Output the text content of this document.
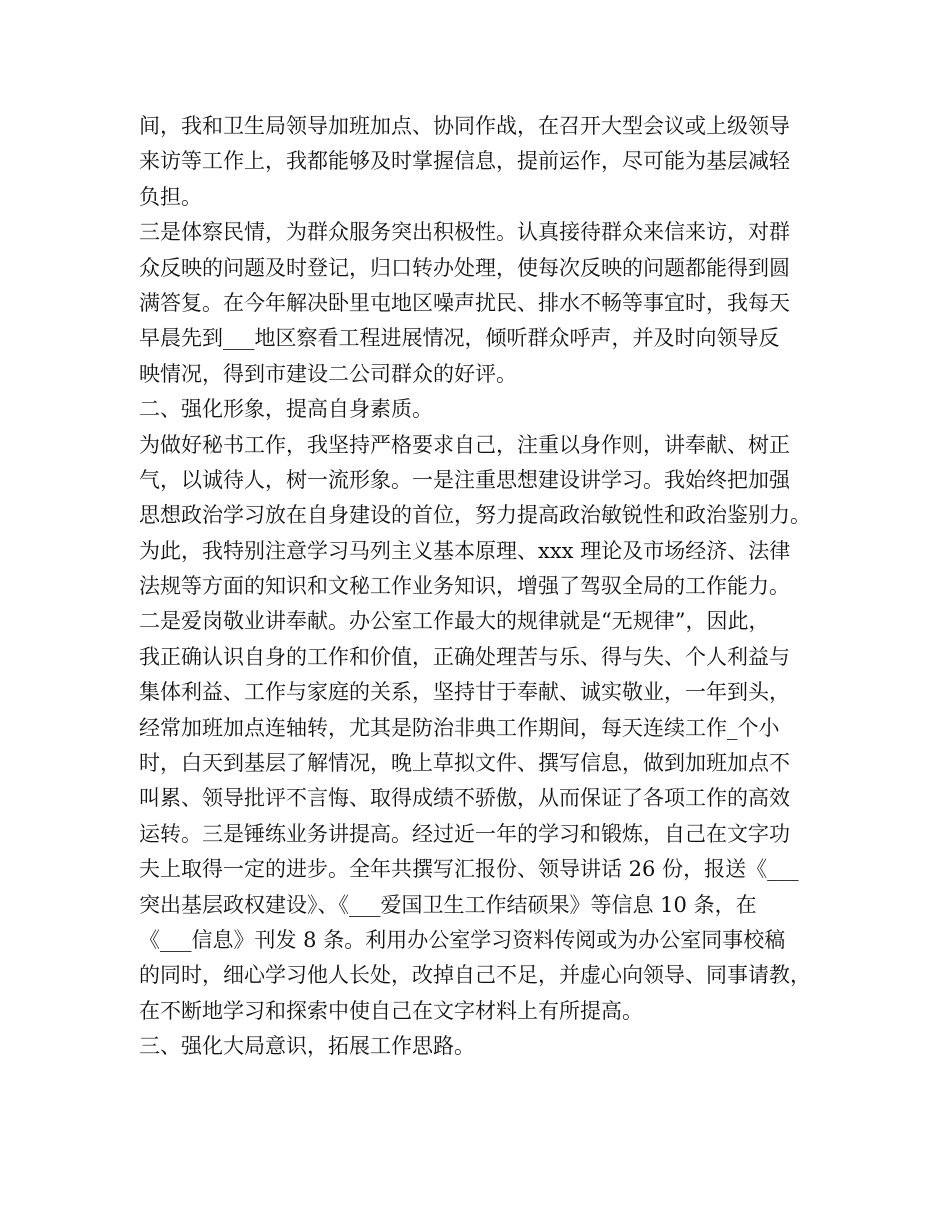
间，我和卫生局领导加班加点、协同作战，在召开大型会议或上级领导
来访等工作上，我都能够及时掌握信息，提前运作，尽可能为基层减轻
负担。
三是体察民情，为群众服务突出积极性。认真接待群众来信来访，对群
众反映的问题及时登记，归口转办处理，使每次反映的问题都能得到圆
满答复。在今年解决卧里屯地区噪声扰民、排水不畅等事宜时，我每天
早晨先到___地区察看工程进展情况，倾听群众呼声，并及时向领导反
映情况，得到市建设二公司群众的好评。
二、强化形象，提高自身素质。
为做好秘书工作，我坚持严格要求自己，注重以身作则，讲奉献、树正
气，以诚待人，树一流形象。一是注重思想建设讲学习。我始终把加强
思想政治学习放在自身建设的首位，努力提高政治敏锐性和政治鉴别力。
为此，我特别注意学习马列主义基本原理、xxx 理论及市场经济、法律
法规等方面的知识和文秘工作业务知识，增强了驾驭全局的工作能力。
二是爱岗敬业讲奉献。办公室工作最大的规律就是“无规律”，因此，
我正确认识自身的工作和价值，正确处理苦与乐、得与失、个人利益与
集体利益、工作与家庭的关系，坚持甘于奉献、诚实敬业，一年到头，
经常加班加点连轴转，尤其是防治非典工作期间，每天连续工作_个小
时，白天到基层了解情况，晚上草拟文件、撰写信息，做到加班加点不
叫累、领导批评不言悔、取得成绩不骄傲，从而保证了各项工作的高效
运转。三是锤练业务讲提高。经过近一年的学习和锻炼，自己在文字功
夫上取得一定的进步。全年共撰写汇报份、领导讲话 26 份，报送《___
突出基层政权建设》、《___爱国卫生工作结硕果》等信息 10 条，在
《___信息》刊发 8 条。利用办公室学习资料传阅或为办公室同事校稿
的同时，细心学习他人长处，改掉自己不足，并虚心向领导、同事请教，
在不断地学习和探索中使自己在文字材料上有所提高。
三、强化大局意识，拓展工作思路。
